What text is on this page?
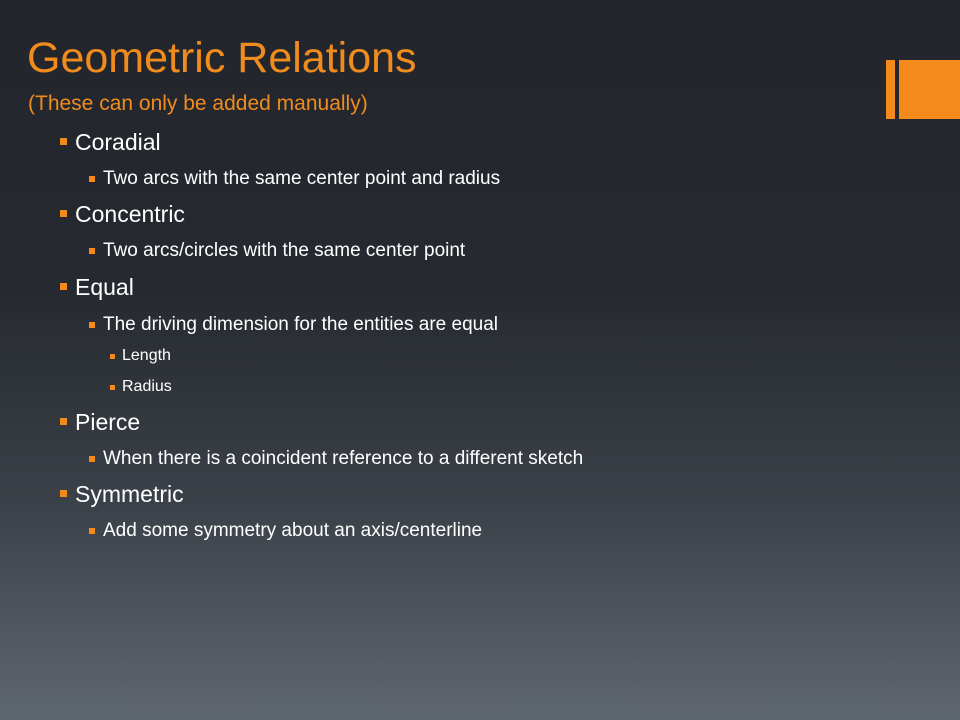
Geometric Relations
(These can only be added manually)
Coradial
Two arcs with the same center point and radius
Concentric
Two arcs/circles with the same center point
Equal
The driving dimension for the entities are equal
Length
Radius
Pierce
When there is a coincident reference to a different sketch
Symmetric
Add some symmetry about an axis/centerline
